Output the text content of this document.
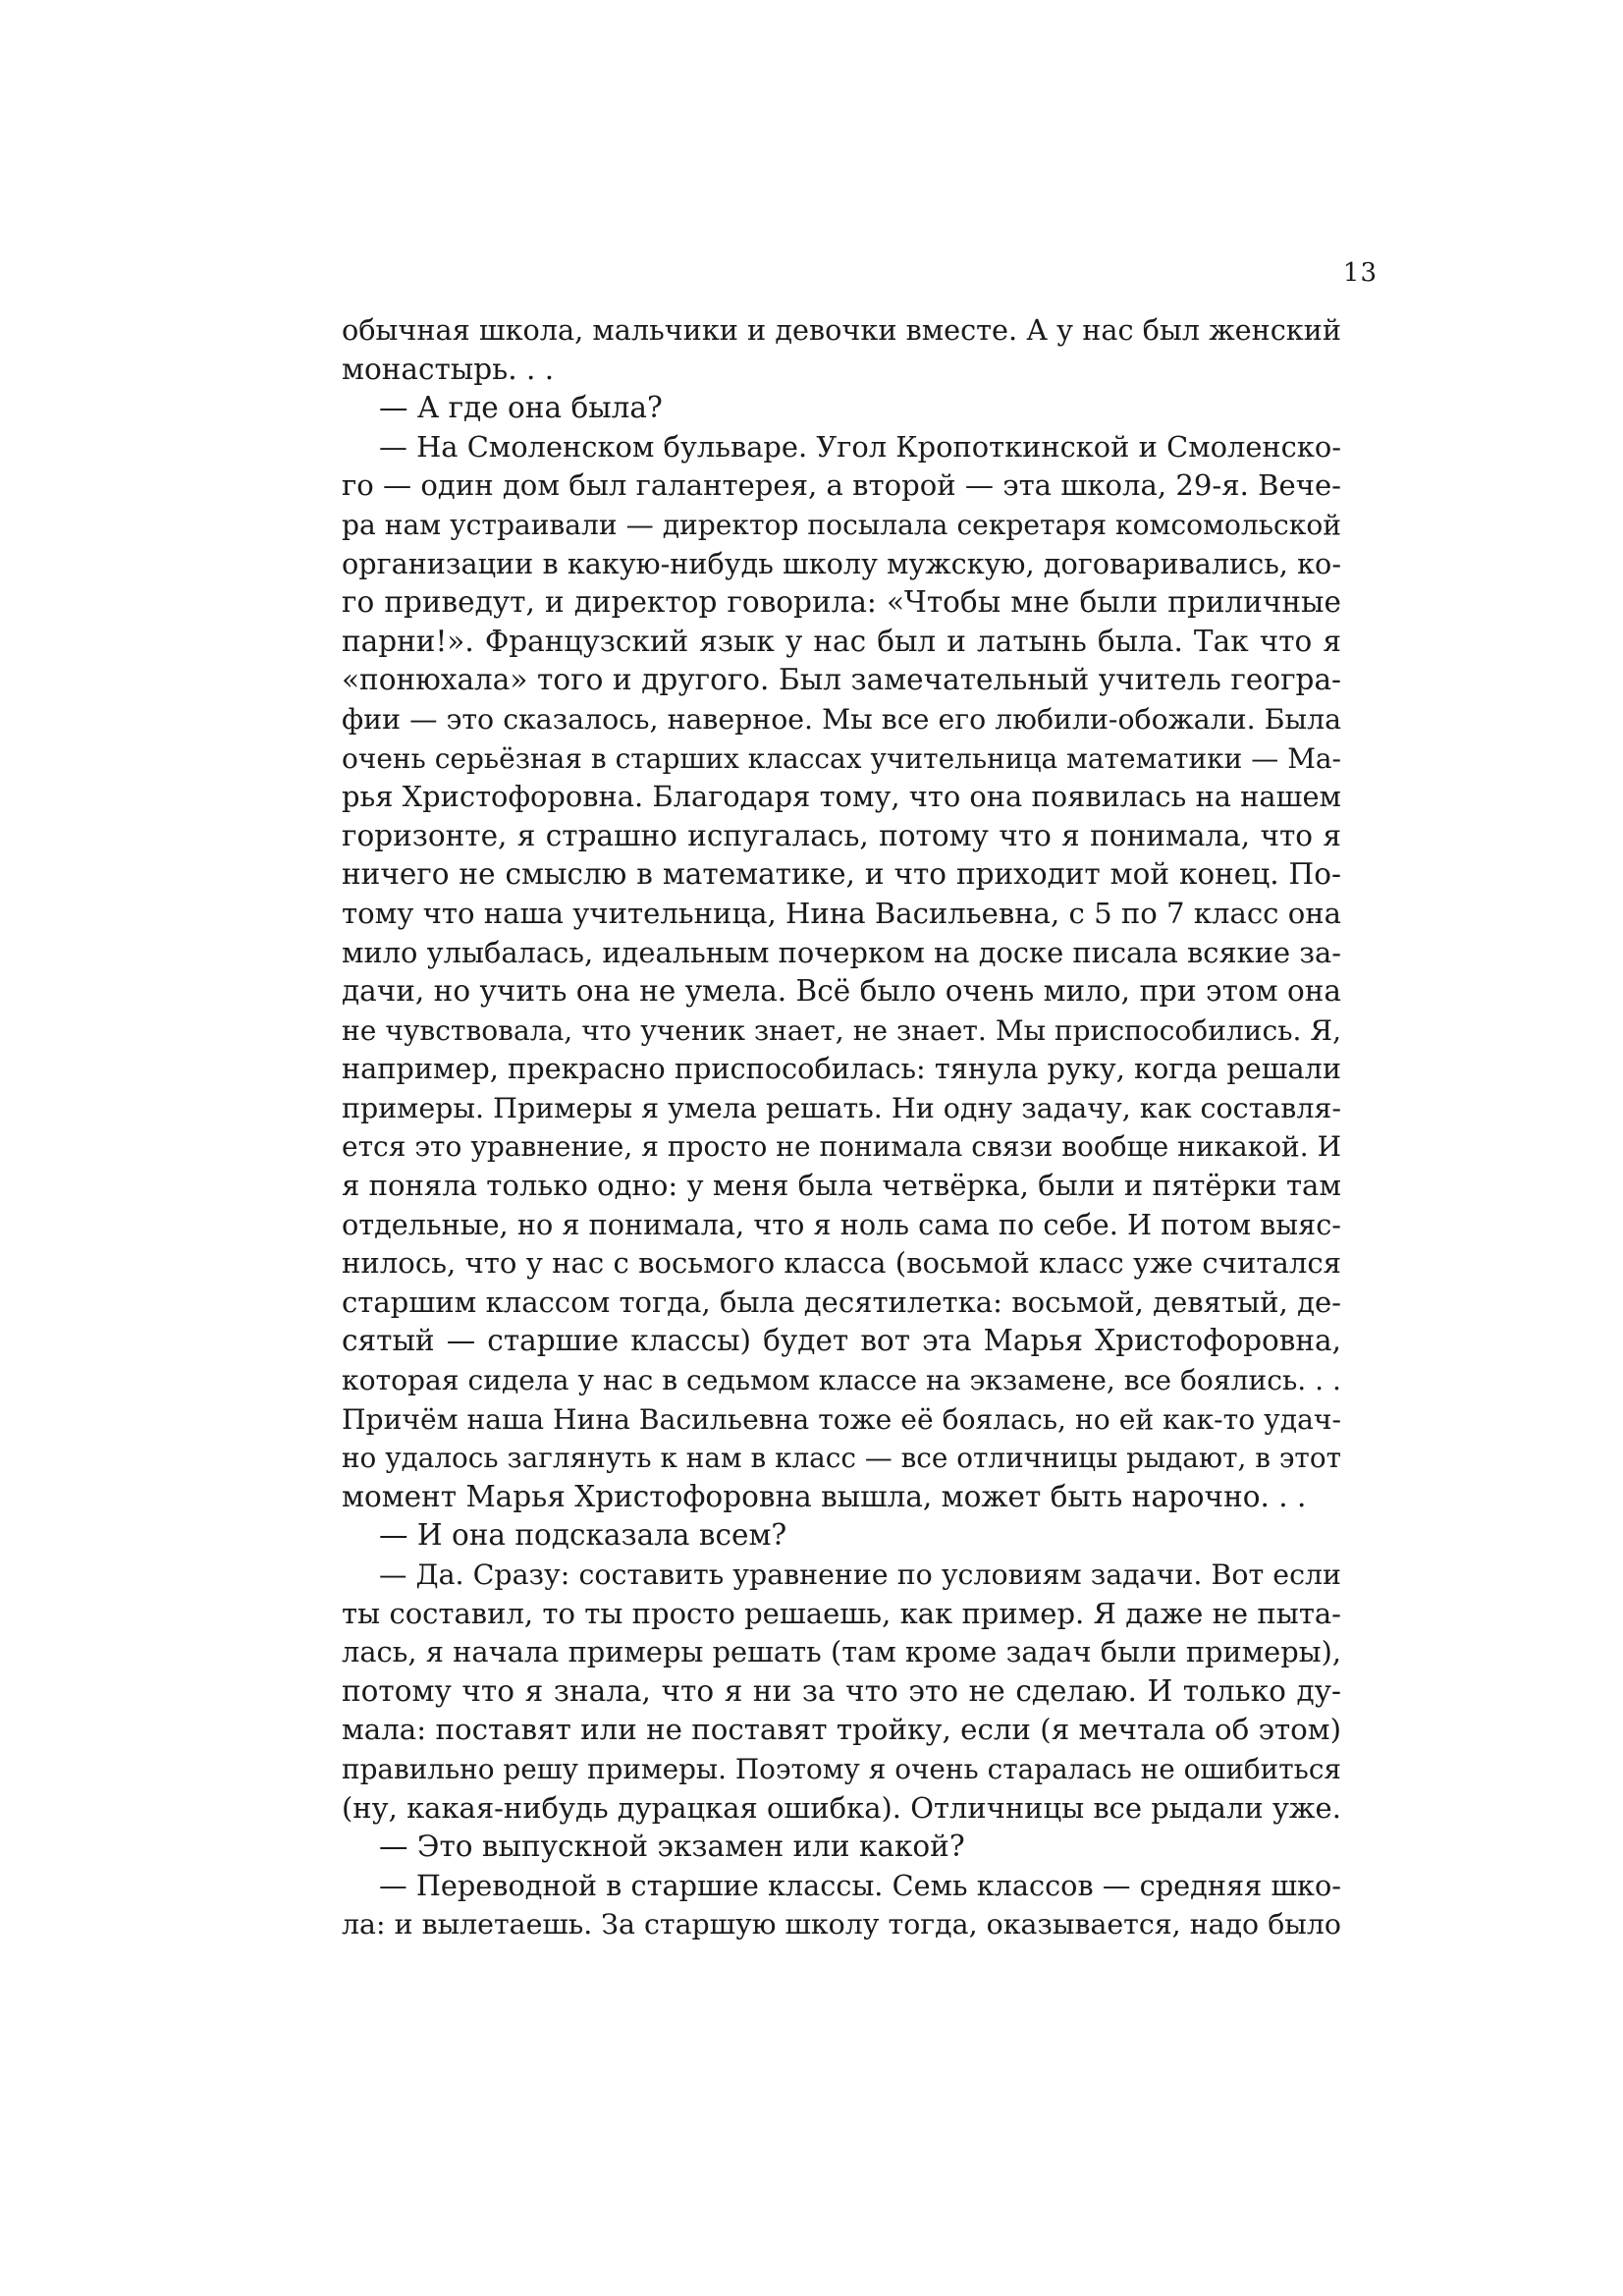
13
обычная школа, мальчики и девочки вместе. А у нас был женский
монастырь. . .
— А где она была?
— На Смоленском бульваре. Угол Кропоткинской и Смоленско-
го — один дом был галантерея, а второй — эта школа, 29-я. Вече-
ра нам устраивали — директор посылала секретаря комсомольской
организации в какую-нибудь школу мужскую, договаривались, ко-
го приведут, и директор говорила: «Чтобы мне были приличные
парни!». Французский язык у нас был и латынь была. Так что я
«понюхала» того и другого. Был замечательный учитель геогра-
фии — это сказалось, наверное. Мы все его любили-обожали. Была
очень серьёзная в старших классах учительница математики — Ма-
рья Христофоровна. Благодаря тому, что она появилась на нашем
горизонте, я страшно испугалась, потому что я понимала, что я
ничего не смыслю в математике, и что приходит мой конец. По-
тому что наша учительница, Нина Васильевна, с 5 по 7 класс она
мило улыбалась, идеальным почерком на доске писала всякие за-
дачи, но учить она не умела. Всё было очень мило, при этом она
не чувствовала, что ученик знает, не знает. Мы приспособились. Я,
например, прекрасно приспособилась: тянула руку, когда решали
примеры. Примеры я умела решать. Ни одну задачу, как составля-
ется это уравнение, я просто не понимала связи вообще никакой. И
я поняла только одно: у меня была четвёрка, были и пятёрки там
отдельные, но я понимала, что я ноль сама по себе. И потом выяс-
нилось, что у нас с восьмого класса (восьмой класс уже считался
старшим классом тогда, была десятилетка: восьмой, девятый, де-
сятый — старшие классы) будет вот эта Марья Христофоровна,
которая сидела у нас в седьмом классе на экзамене, все боялись. . .
Причём наша Нина Васильевна тоже её боялась, но ей как-то удач-
но удалось заглянуть к нам в класс — все отличницы рыдают, в этот
момент Марья Христофоровна вышла, может быть нарочно. . .
— И она подсказала всем?
— Да. Сразу: составить уравнение по условиям задачи. Вот если
ты составил, то ты просто решаешь, как пример. Я даже не пыта-
лась, я начала примеры решать (там кроме задач были примеры),
потому что я знала, что я ни за что это не сделаю. И только ду-
мала: поставят или не поставят тройку, если (я мечтала об этом)
правильно решу примеры. Поэтому я очень старалась не ошибиться
(ну, какая-нибудь дурацкая ошибка). Отличницы все рыдали уже.
— Это выпускной экзамен или какой?
— Переводной в старшие классы. Семь классов — средняя шко-
ла: и вылетаешь. За старшую школу тогда, оказывается, надо было
